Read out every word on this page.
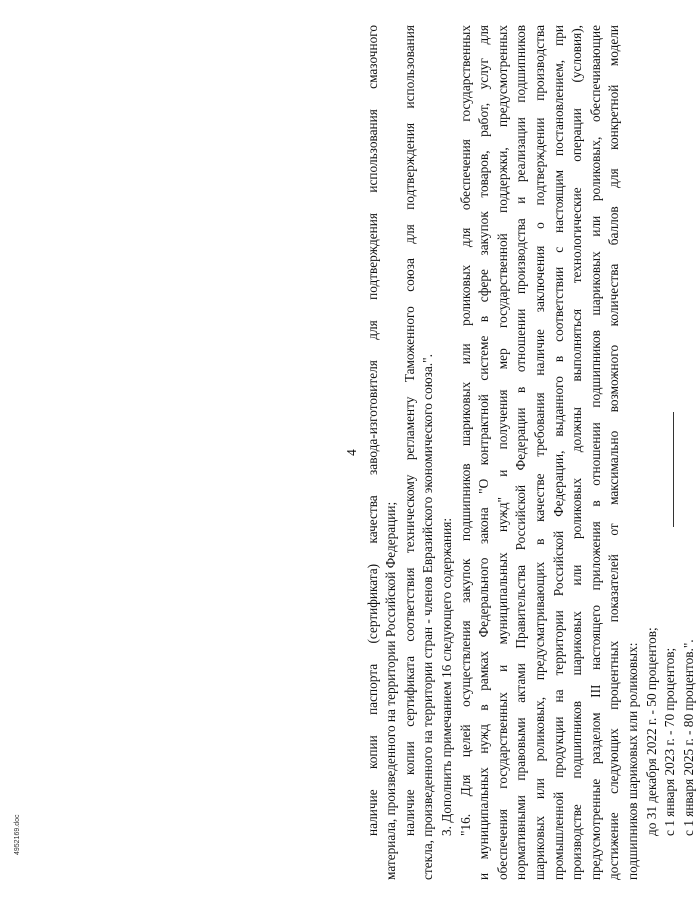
4 наличие копии паспорта (сертификата) качества завода-изготовителя для подтверждения использования смазочного материала, произведенного на территории Российской Федерации; наличие копии сертификата соответствия техническому регламенту Таможенного союза для подтверждения использования стекла, произведенного на территории стран - членов Евразийского экономического союза.". 3. Дополнить примечанием 16 следующего содержания: "16. Для целей осуществления закупок подшипников шариковых или роликовых для обеспечения государственных и муниципальных нужд в рамках Федерального закона "О контрактной системе в сфере закупок товаров, работ, услуг для обеспечения государственных и муниципальных нужд" и получения мер государственной поддержки, предусмотренных нормативными правовыми актами Правительства Российской Федерации в отношении производства и реализации подшипников шариковых или роликовых, предусматривающих в качестве требования наличие заключения о подтверждении производства промышленной продукции на территории Российской Федерации, выданного в соответствии с настоящим постановлением, при производстве подшипников шариковых или роликовых должны выполняться технологические операции (условия), предусмотренные разделом III настоящего приложения в отношении подшипников шариковых или роликовых, обеспечивающие достижение следующих процентных показателей от максимально возможного количества баллов для конкретной модели подшипников шариковых или роликовых: до 31 декабря 2022 г. - 50 процентов; с 1 января 2023 г. - 70 процентов; с 1 января 2025 г. - 80 процентов.".
4952169.doc
